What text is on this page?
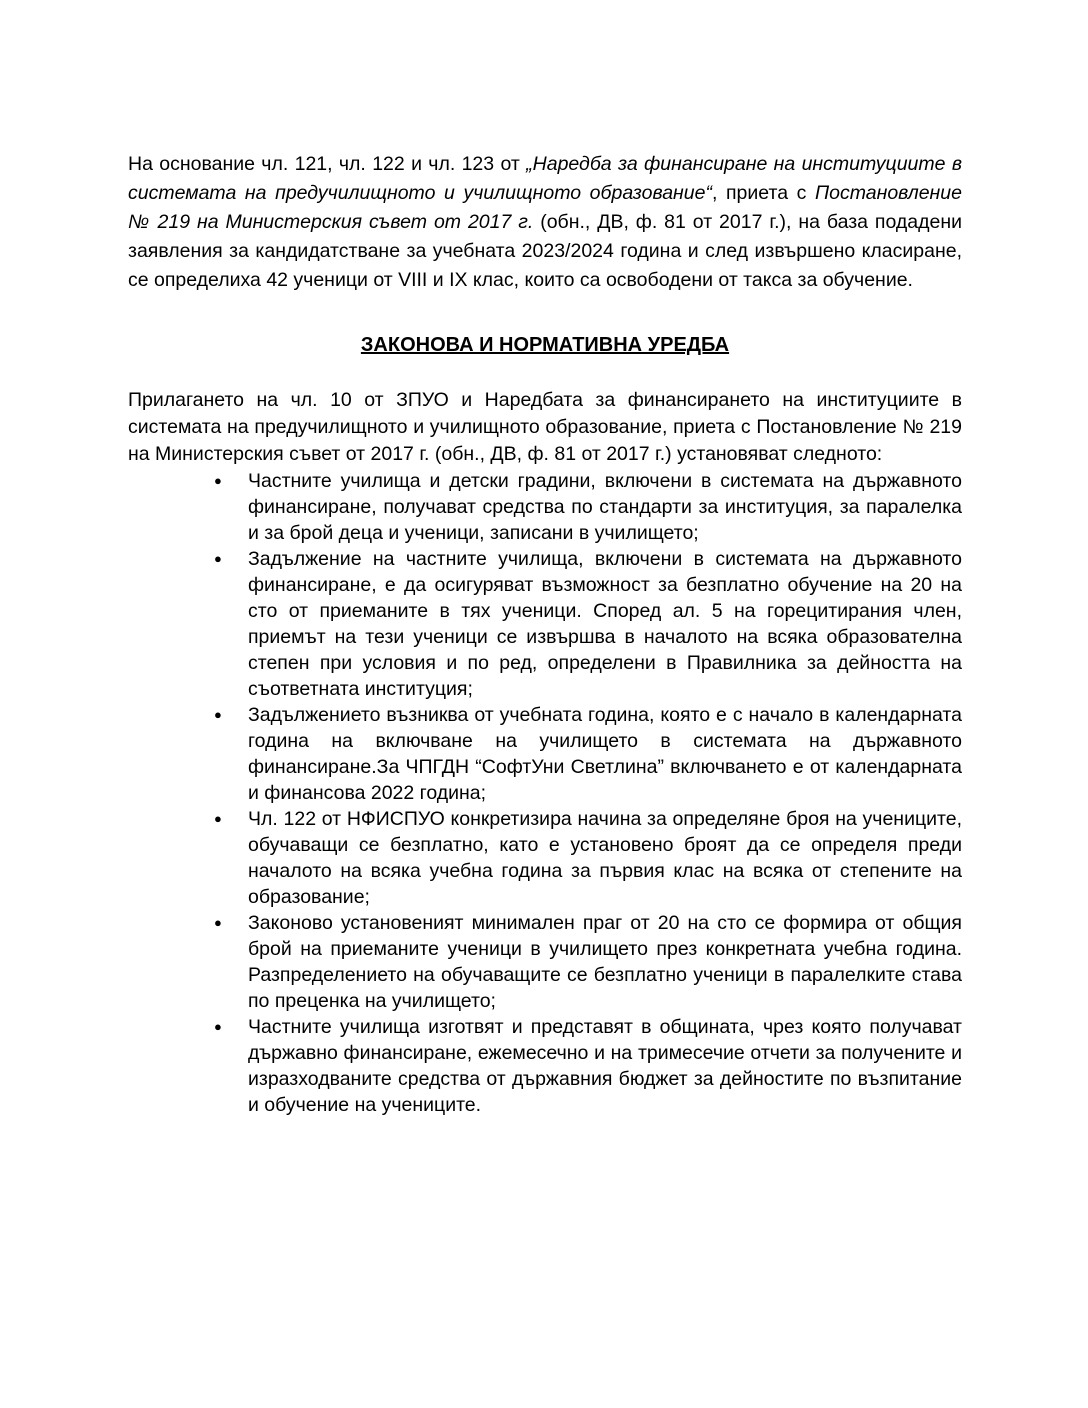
На основание чл. 121, чл. 122 и чл. 123 от „Наредба за финансиране на институциите в системата на предучилищното и училищното образование“, приета с Постановление № 219 на Министерския съвет от 2017 г. (обн., ДВ, ф. 81 от 2017 г.), на база подадени заявления за кандидатстване за учебната 2023/2024 година и след извършено класиране, се определиха 42 ученици от VIII и IX клас, които са освободени от такса за обучение.

ЗАКОНОВА И НОРМАТИВНА УРЕДБА

Прилагането на чл. 10 от ЗПУО и Наредбата за финансирането на институциите в системата на предучилищното и училищното образование, приета с Постановление № 219 на Министерския съвет от 2017 г. (обн., ДВ, ф. 81 от 2017 г.) установяват следното:

● Частните училища и детски градини, включени в системата на държавното финансиране, получават средства по стандарти за институция, за паралелка и за брой деца и ученици, записани в училището;
● Задължение на частните училища, включени в системата на държавното финансиране, е да осигуряват възможност за безплатно обучение на 20 на сто от приеманите в тях ученици. Според ал. 5 на горецитирания член, приемът на тези ученици се извършва в началото на всяка образователна степен при условия и по ред, определени в Правилника за дейността на съответната институция;
● Задължението възниква от учебната година, която е с начало в календарната година на включване на училището в системата на държавното финансиране.За ЧПГДН “СофтУни Светлина” включването е от календарната и финансова 2022 година;
● Чл. 122 от НФИСПУО конкретизира начина за определяне броя на учениците, обучаващи се безплатно, като е установено броят да се определя преди началото на всяка учебна година за първия клас на всяка от степените на образование;
● Законово установеният минимален праг от 20 на сто се формира от общия брой на приеманите ученици в училището през конкретната учебна година. Разпределението на обучаващите се безплатно ученици в паралелките става по преценка на училището;
● Частните училища изготвят и представят в общината, чрез която получават държавно финансиране, ежемесечно и на тримесечие отчети за получените и изразходваните средства от държавния бюджет за дейностите по възпитание и обучение на учениците.
